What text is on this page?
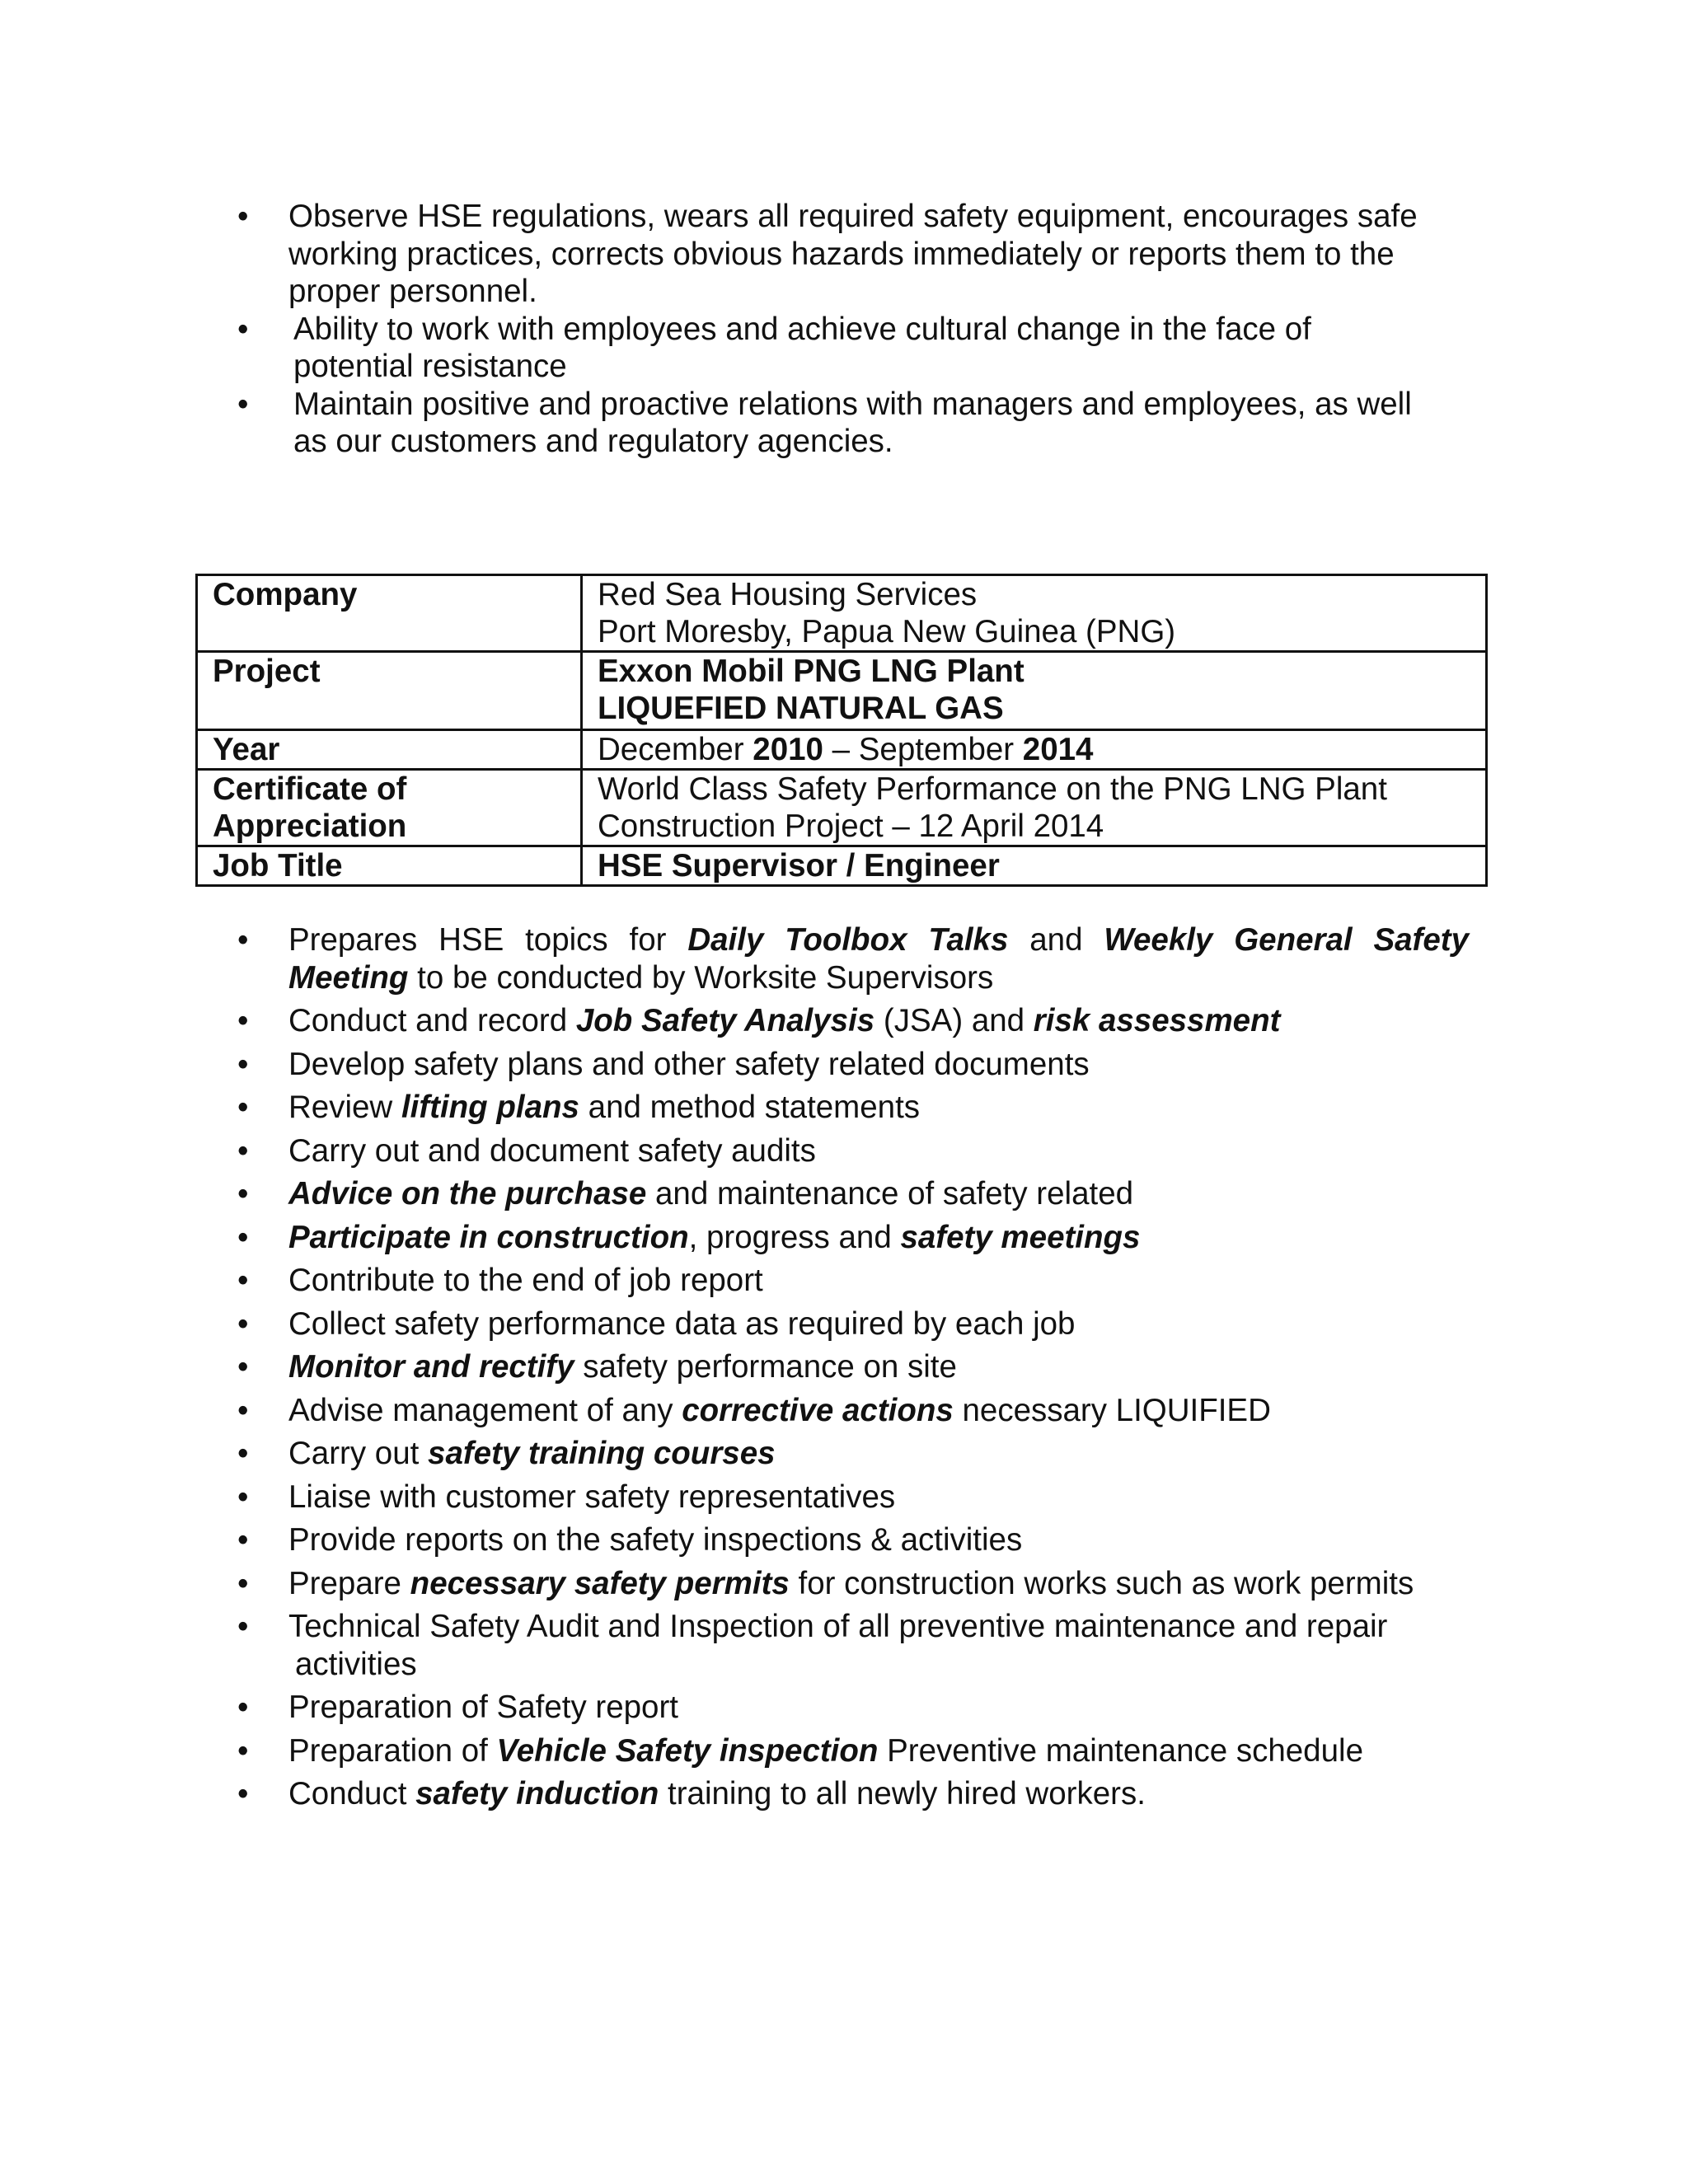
• Observe HSE regulations, wears all required safety equipment, encourages safe
working practices, corrects obvious hazards immediately or reports them to the
proper personnel.
• Ability to work with employees and achieve cultural change in the face of
potential resistance
• Maintain positive and proactive relations with managers and employees, as well
as our customers and regulatory agencies.
Company	Red Sea Housing Services
Port Moresby, Papua New Guinea (PNG)

Project	Exxon Mobil PNG LNG Plant
LIQUEFIED NATURAL GAS

Year	December 2010 – September 2014

Certificate of
Appreciation	World Class Safety Performance on the PNG LNG Plant
Construction Project – 12 April 2014

Job Title	HSE Supervisor / Engineer
• Prepares HSE topics for Daily Toolbox Talks and Weekly General Safety Meeting to be conducted by Worksite Supervisors
• Conduct and record Job Safety Analysis (JSA) and risk assessment
• Develop safety plans and other safety related documents
• Review lifting plans and method statements
• Carry out and document safety audits
• Advice on the purchase and maintenance of safety related
• Participate in construction, progress and safety meetings
• Contribute to the end of job report
• Collect safety performance data as required by each job
• Monitor and rectify safety performance on site
• Advise management of any corrective actions necessary LIQUIFIED
• Carry out safety training courses
• Liaise with customer safety representatives
• Provide reports on the safety inspections & activities
• Prepare necessary safety permits for construction works such as work permits
• Technical Safety Audit and Inspection of all preventive maintenance and repair
activities
• Preparation of Safety report
• Preparation of Vehicle Safety inspection Preventive maintenance schedule
• Conduct safety induction training to all newly hired workers.
